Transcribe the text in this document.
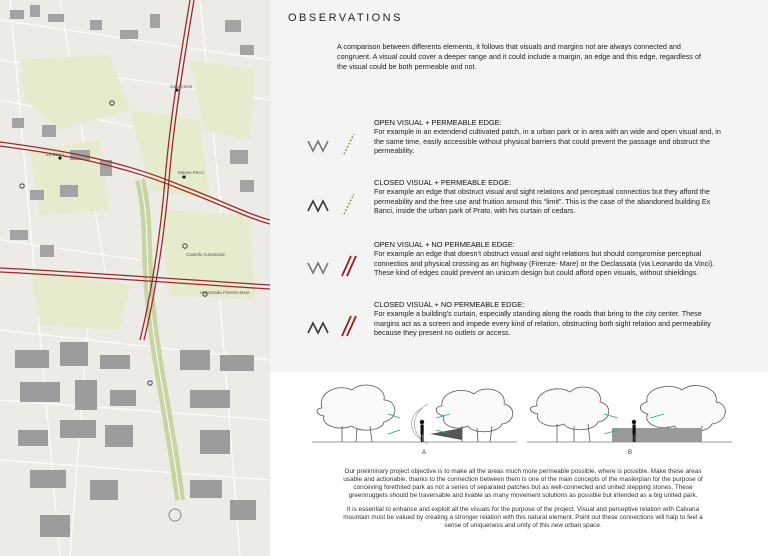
Ex Banci
Museo Pecci
Cavalcavia
Castello Autostrade
Autostrada Firenze-Mare
OBSERVATIONS
A comparison between differents elements, it follows that visuals and margins not are always connected and congruent. A visual could cover a deeper range and it could include a margin, an edge and this edge, regardless of the visual could be both permeable and not.
OPEN VISUAL + PERMEABLE EDGE:
For example in an extendend cultivated patch, in a urban park or in area with an wide and open visual and, in the same time, easily accessible without physical barriers that could prevent the passage and obstruct the permeability.
CLOSED VISUAL + PERMEABLE EDGE:
For example an edge that obstruct visual and sight relations and perceptual connectios but they afford the permeability and the free use and fruition around this “limit”. This is the case of the abandoned building Ex Banci, inside the urban park of Prato, with his curtain of cedars.
OPEN VISUAL + NO PERMEABLE EDGE:
For example an edge that doesn’t obstruct visual and sight relations but should compromise perceptual connectios and physical crossing as an highway (Firenze- Mare) or the Declassata (via Leonardo da Vinci). These kind of edges could prevent an unicum design but could afford open visuals, without shieldings.
CLOSED VISUAL + NO PERMEABLE EDGE:
For example a building’s curtain, especially standing along the roads that bring to the city center. These margins act as a screen and impede every kind of relation, obstructing both sight relation and permeability because they present no outlets or access.
A	B

Our preliminary project objective is to make all the areas much more permeable possible, where is possible. Make these areas usable and actionable, thanks to the connection between them is one of the main concepts of the masterplan for the purpose of conceving forethited park as not a series of separated patches but as well-connected and united stepping stones. These greennuggets should be traversable and livable as many movement solutions as possible but intended as a big united park.

It is essential to enhance and exploit all the visuals for the purpose of the project. Visual and perceptive relation with Calvana mountain must be valued by creating a stronger relation with this natural element. Point out these connections will halp to feel a sense of uniqueness and unity of this new urban space.
